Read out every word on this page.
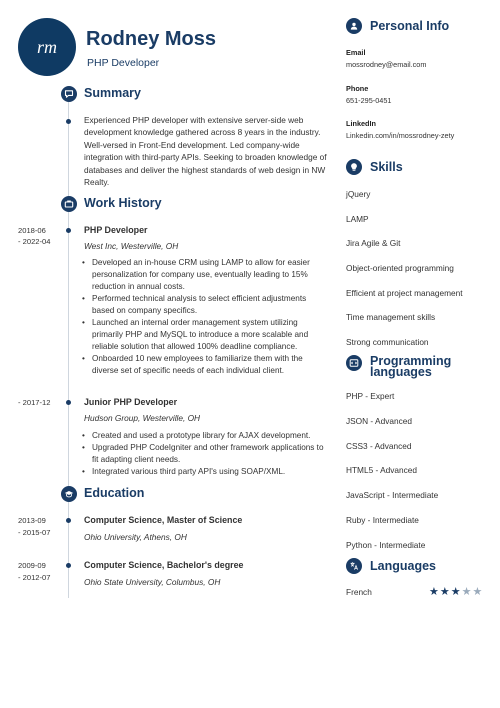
rm Rodney Moss
PHP Developer
Summary
Experienced PHP developer with extensive server-side web development knowledge gathered across 8 years in the industry. Well-versed in Front-End development. Led company-wide integration with third-party APIs. Seeking to broaden knowledge of databases and deliver the highest standards of web design in NW Realty.
Work History
2018-06
- 2022-04
PHP Developer
West Inc, Westerville, OH
• Developed an in-house CRM using LAMP to allow for easier personalization for company use, eventually leading to 15% reduction in annual costs.
• Performed technical analysis to select efficient adjustments based on company specifics.
• Launched an internal order management system utilizing primarily PHP and MySQL to introduce a more scalable and reliable solution that allowed 100% deadline compliance.
• Onboarded 10 new employees to familiarize them with the diverse set of specific needs of each individual client.
- 2017-12	Junior PHP Developer
Hudson Group, Westerville, OH
• Created and used a prototype library for AJAX development.
• Upgraded PHP CodeIgniter and other framework applications to fit adapting client needs.
• Integrated various third party API's using SOAP/XML.
Education
2013-09
- 2015-07
Computer Science, Master of Science
Ohio University, Athens, OH
2009-09
- 2012-07
Computer Science, Bachelor's degree
Ohio State University, Columbus, OH
Personal Info
Email
mossrodney@email.com
Phone
651-295-0451
LinkedIn
Linkedin.com/in/mossrodney-zety
Skills
jQuery
LAMP
Jira Agile & Git
Object-oriented programming
Efficient at project management
Time management skills
Strong communication
Programming
languages
PHP - Expert
JSON - Advanced
CSS3 - Advanced
HTML5 - Advanced
JavaScript - Intermediate
Ruby - Intermediate
Python - Intermediate
Languages
French	★ ★ ★ ★ ★
